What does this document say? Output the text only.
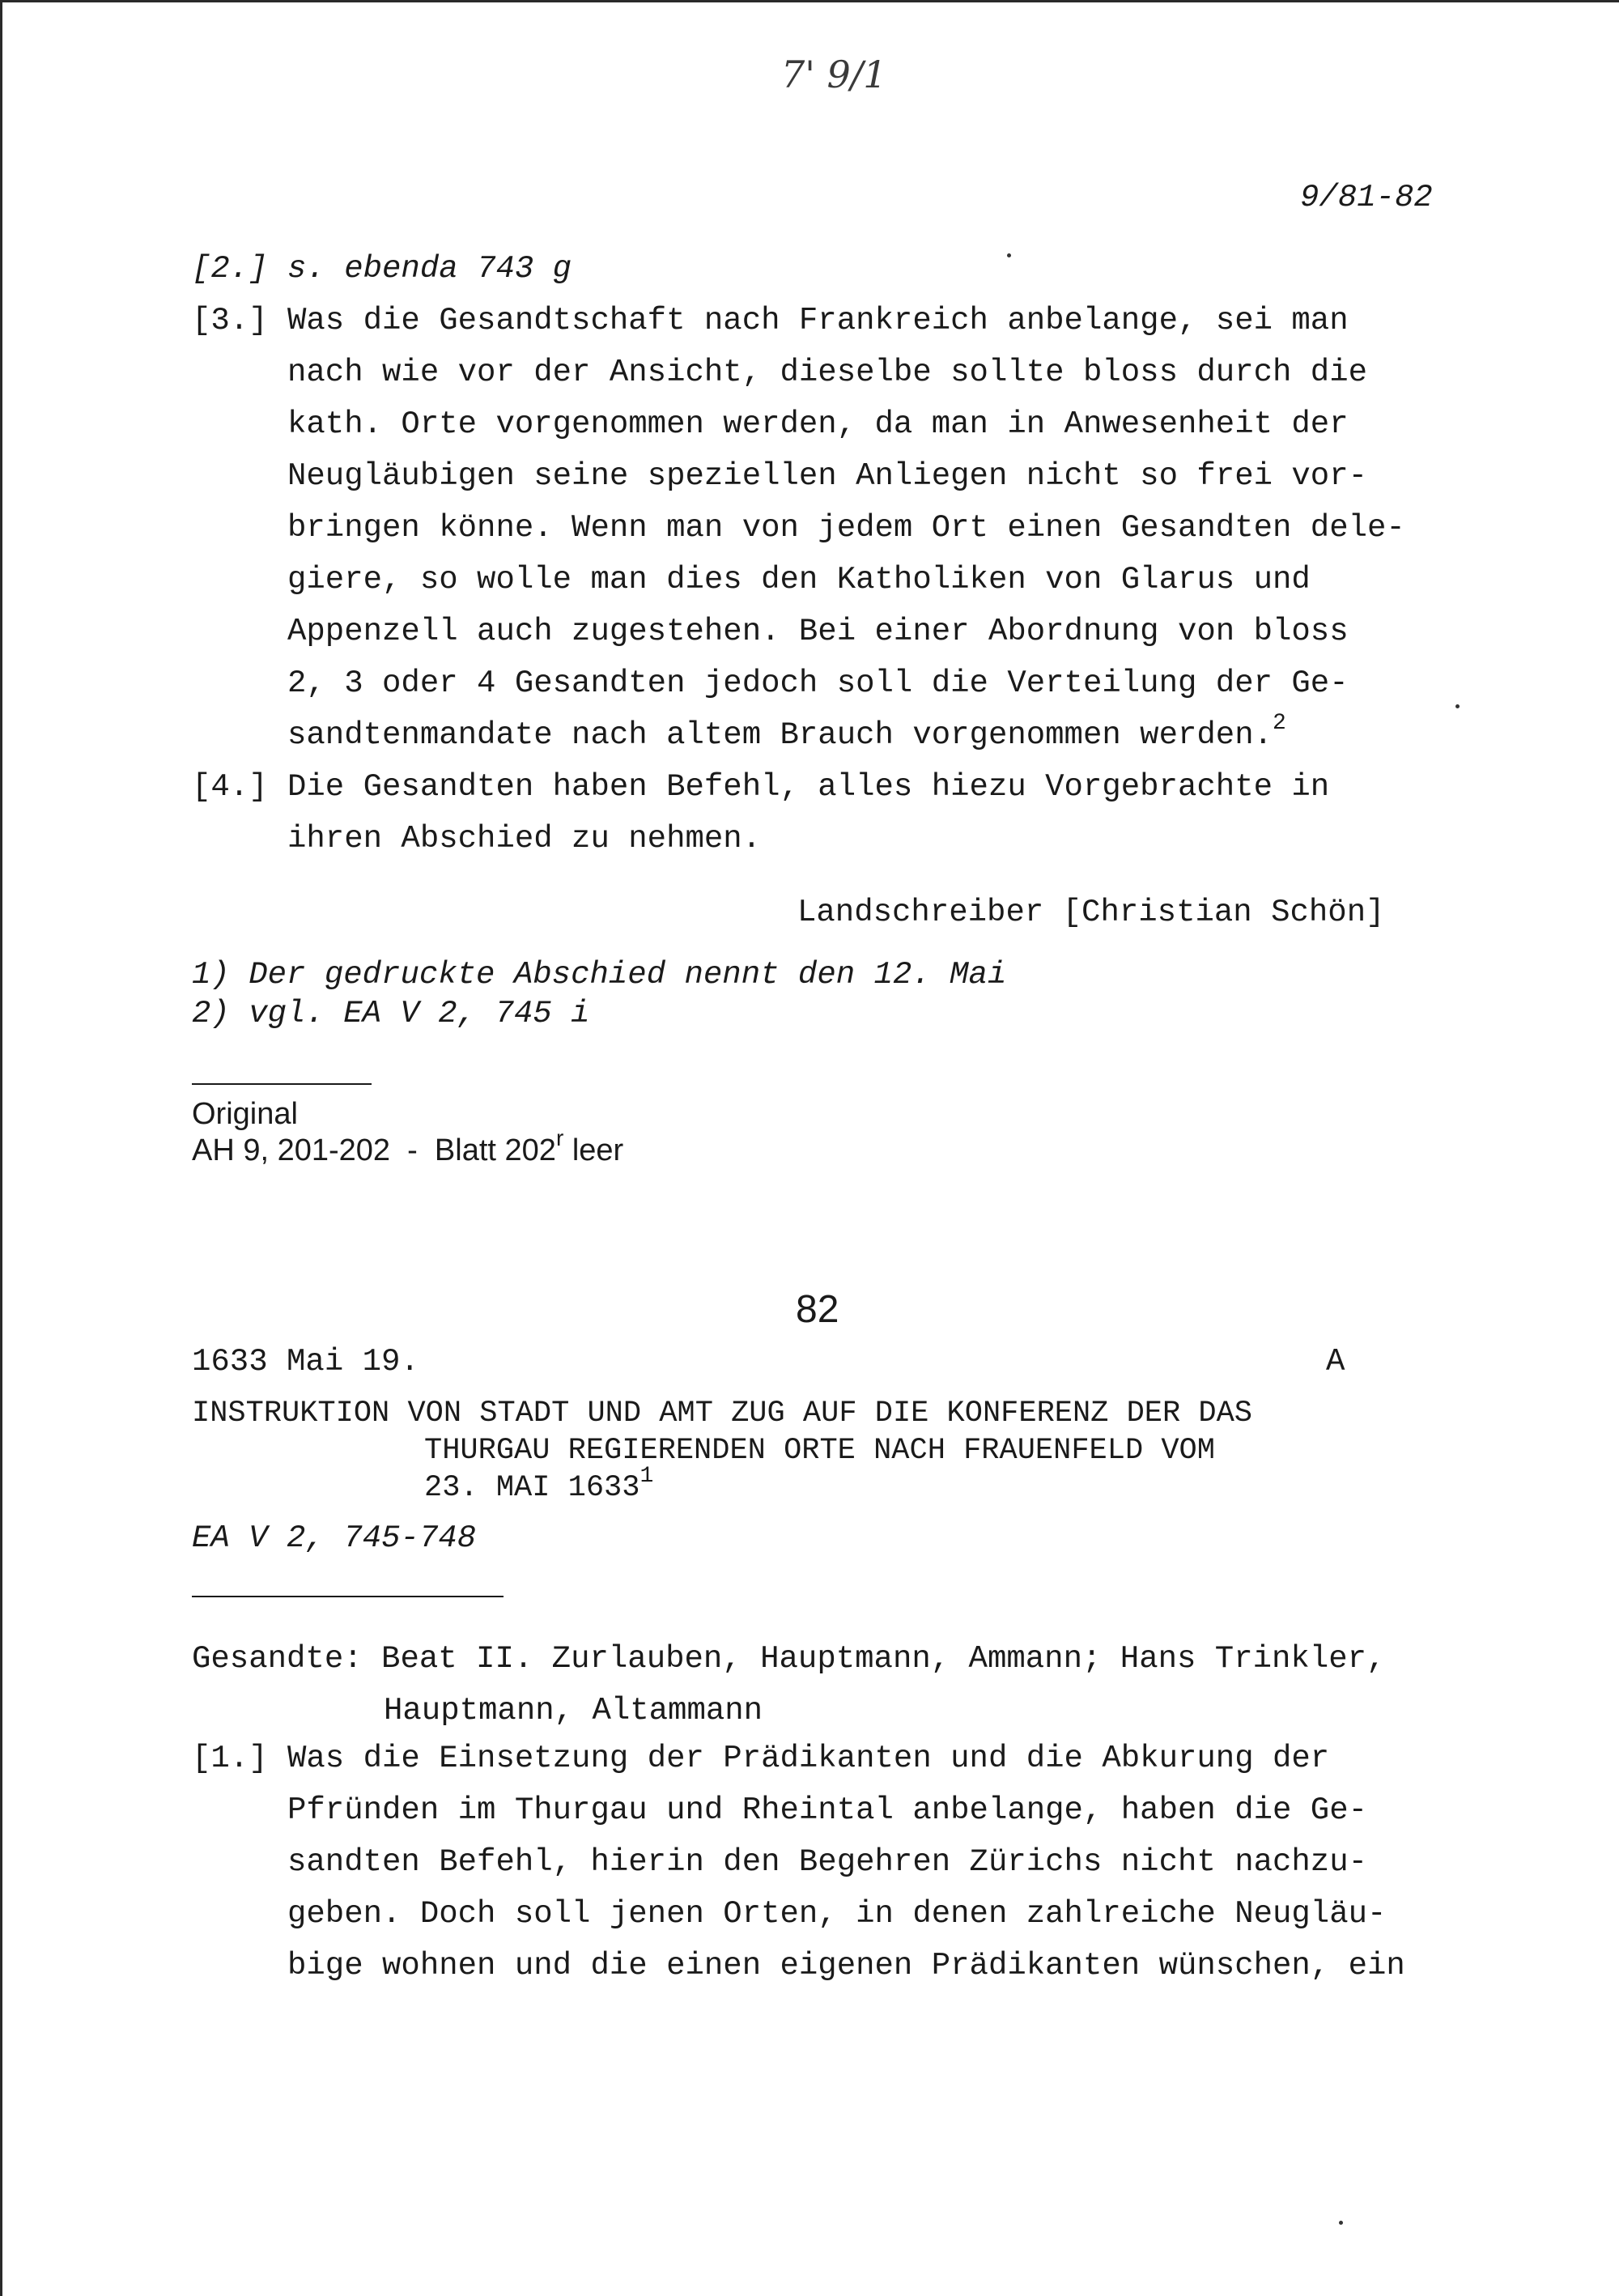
7' 9/1
9/81-82
[2.] s. ebenda 743 g
[3.] Was die Gesandtschaft nach Frankreich anbelange, sei man
nach wie vor der Ansicht, dieselbe sollte bloss durch die
kath. Orte vorgenommen werden, da man in Anwesenheit der
Neugläubigen seine speziellen Anliegen nicht so frei vor-
bringen könne. Wenn man von jedem Ort einen Gesandten dele-
giere, so wolle man dies den Katholiken von Glarus und
Appenzell auch zugestehen. Bei einer Abordnung von bloss
2, 3 oder 4 Gesandten jedoch soll die Verteilung der Ge-
sandtenmandate nach altem Brauch vorgenommen werden.$^2$
[4.] Die Gesandten haben Befehl, alles hiezu Vorgebrachte in
ihren Abschied zu nehmen.
Landschreiber [Christian Schön]
1) Der gedruckte Abschied nennt den 12. Mai
2) vgl. EA V 2, 745 i
Original
AH 9, 201-202  -  Blatt 202$^r$ leer
82
1633 Mai 19.	A
INSTRUKTION VON STADT UND AMT ZUG AUF DIE KONFERENZ DER DAS
THURGAU REGIERENDEN ORTE NACH FRAUENFELD VOM
23. MAI 1633$^1$
EA V 2, 745-748
Gesandte: Beat II. Zurlauben, Hauptmann, Ammann; Hans Trinkler,
Hauptmann, Altammann
[1.] Was die Einsetzung der Prädikanten und die Abkurung der
Pfründen im Thurgau und Rheintal anbelange, haben die Ge-
sandten Befehl, hierin den Begehren Zürichs nicht nachzu-
geben. Doch soll jenen Orten, in denen zahlreiche Neugläu-
bige wohnen und die einen eigenen Prädikanten wünschen, ein
